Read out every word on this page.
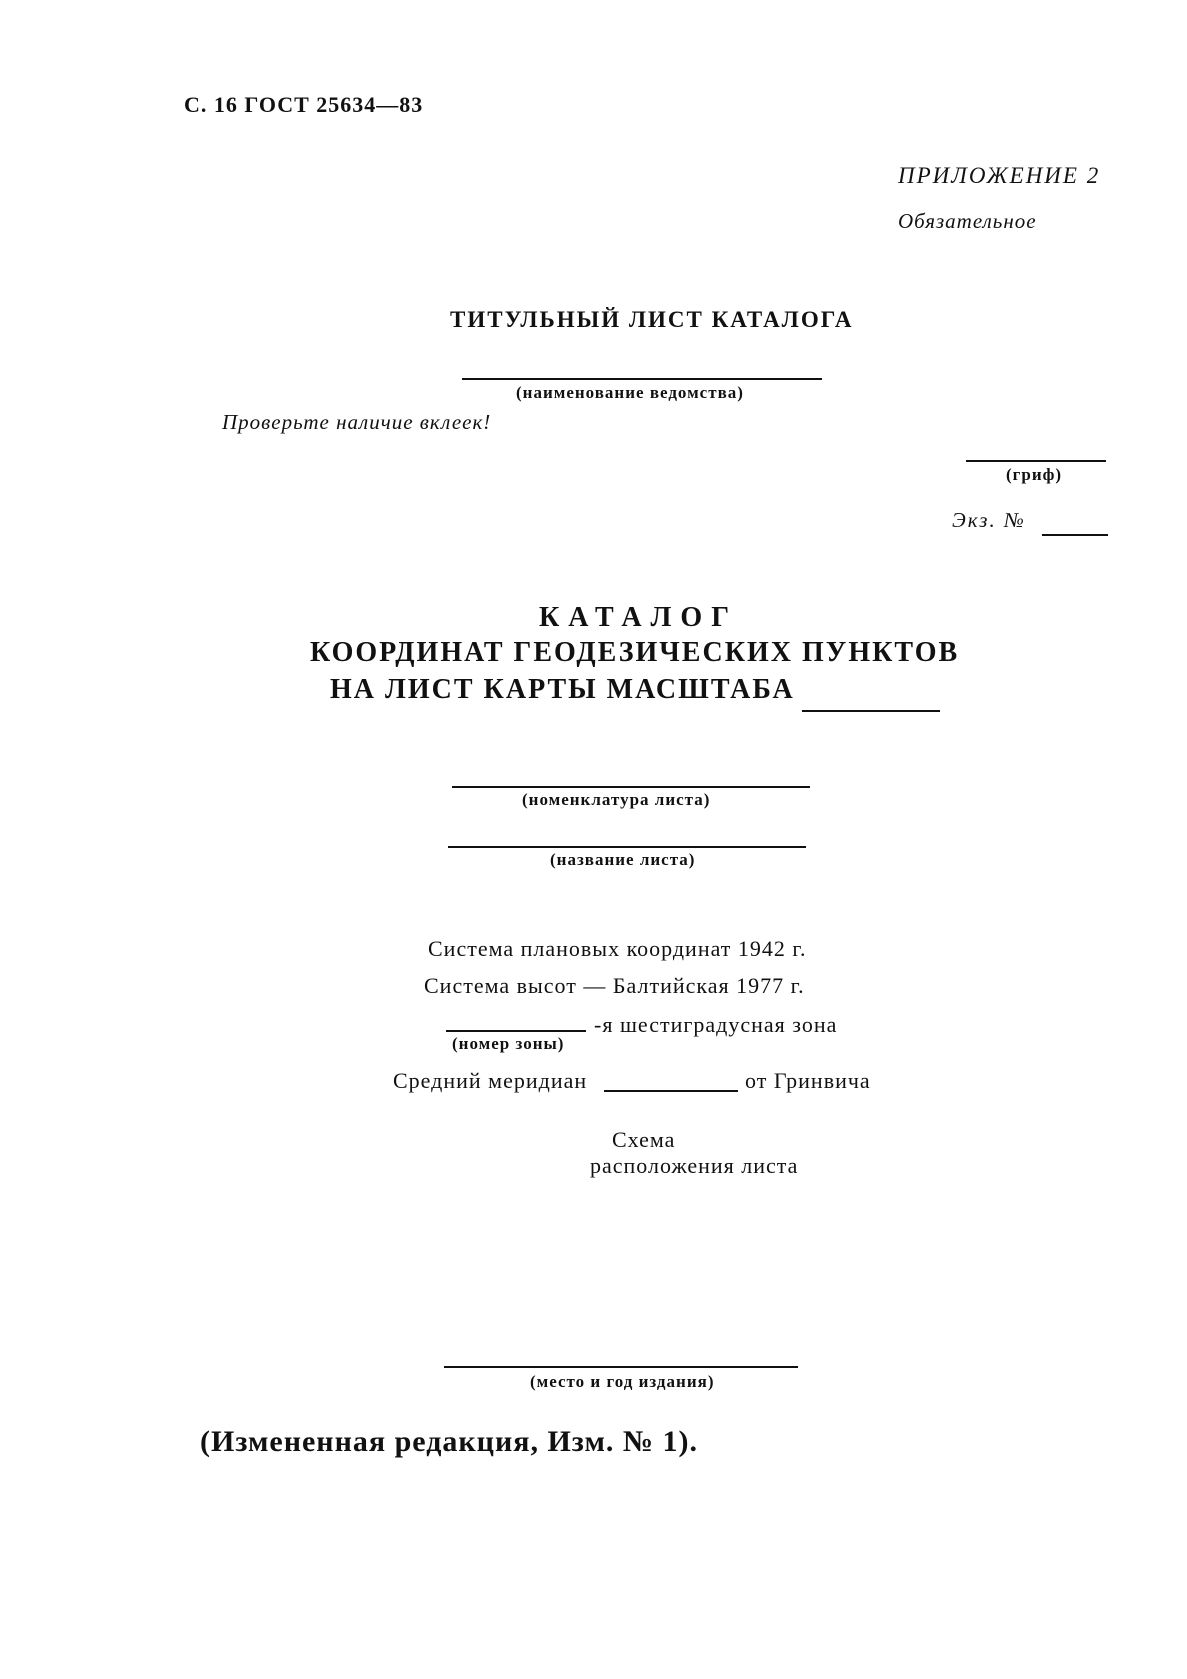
С. 16 ГОСТ 25634—83
ПРИЛОЖЕНИЕ 2
Обязательное
ТИТУЛЬНЫЙ ЛИСТ КАТАЛОГА
(наименование ведомства)
Проверьте наличие вклеек!
(гриф)
Экз. №
КАТАЛОГ
КООРДИНАТ ГЕОДЕЗИЧЕСКИХ ПУНКТОВ
НА ЛИСТ КАРТЫ МАСШТАБА
(номенклатура листа)
(название листа)
Система плановых координат 1942 г.
Система высот — Балтийская 1977 г.
-я шестиградусная зона
(номер зоны)
Средний меридиан	от Гринвича
Схема
расположения листа
(место и год издания)
(Измененная редакция, Изм. № 1).
